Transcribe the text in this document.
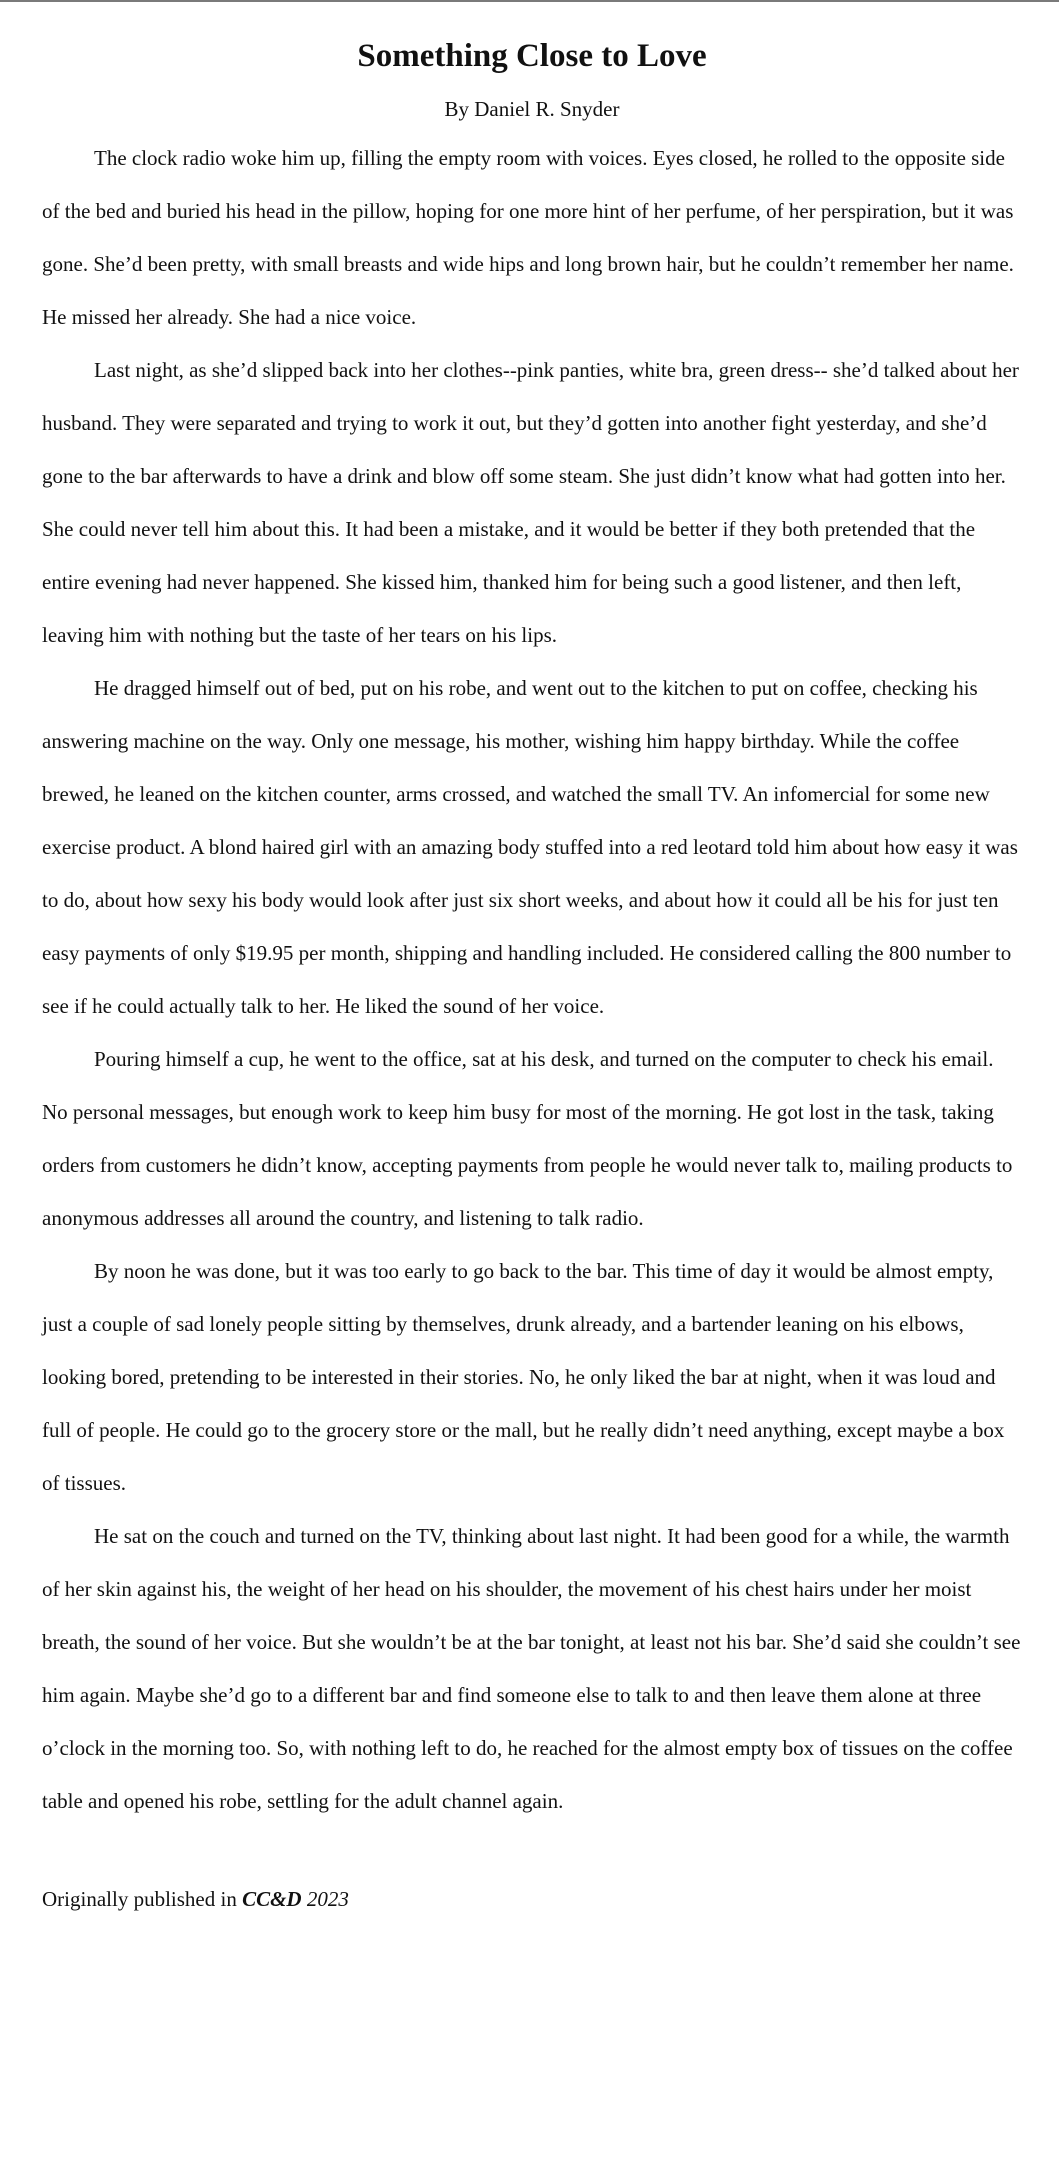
Something Close to Love
By Daniel R. Snyder

The clock radio woke him up, filling the empty room with voices. Eyes closed, he rolled to the opposite side of the bed and buried his head in the pillow, hoping for one more hint of her perfume, of her perspiration, but it was gone. She’d been pretty, with small breasts and wide hips and long brown hair, but he couldn’t remember her name. He missed her already. She had a nice voice.

Last night, as she’d slipped back into her clothes--pink panties, white bra, green dress-- she’d talked about her husband. They were separated and trying to work it out, but they’d gotten into another fight yesterday, and she’d gone to the bar afterwards to have a drink and blow off some steam. She just didn’t know what had gotten into her. She could never tell him about this. It had been a mistake, and it would be better if they both pretended that the entire evening had never happened. She kissed him, thanked him for being such a good listener, and then left, leaving him with nothing but the taste of her tears on his lips.

He dragged himself out of bed, put on his robe, and went out to the kitchen to put on coffee, checking his answering machine on the way. Only one message, his mother, wishing him happy birthday. While the coffee brewed, he leaned on the kitchen counter, arms crossed, and watched the small TV. An infomercial for some new exercise product. A blond haired girl with an amazing body stuffed into a red leotard told him about how easy it was to do, about how sexy his body would look after just six short weeks, and about how it could all be his for just ten easy payments of only $19.95 per month, shipping and handling included. He considered calling the 800 number to see if he could actually talk to her. He liked the sound of her voice.

Pouring himself a cup, he went to the office, sat at his desk, and turned on the computer to check his email. No personal messages, but enough work to keep him busy for most of the morning. He got lost in the task, taking orders from customers he didn’t know, accepting payments from people he would never talk to, mailing products to anonymous addresses all around the country, and listening to talk radio.

By noon he was done, but it was too early to go back to the bar. This time of day it would be almost empty, just a couple of sad lonely people sitting by themselves, drunk already, and a bartender leaning on his elbows, looking bored, pretending to be interested in their stories. No, he only liked the bar at night, when it was loud and full of people. He could go to the grocery store or the mall, but he really didn’t need anything, except maybe a box of tissues.

He sat on the couch and turned on the TV, thinking about last night. It had been good for a while, the warmth of her skin against his, the weight of her head on his shoulder, the movement of his chest hairs under her moist breath, the sound of her voice. But she wouldn’t be at the bar tonight, at least not his bar. She’d said she couldn’t see him again. Maybe she’d go to a different bar and find someone else to talk to and then leave them alone at three o’clock in the morning too. So, with nothing left to do, he reached for the almost empty box of tissues on the coffee table and opened his robe, settling for the adult channel again.

Originally published in CC&D 2023
